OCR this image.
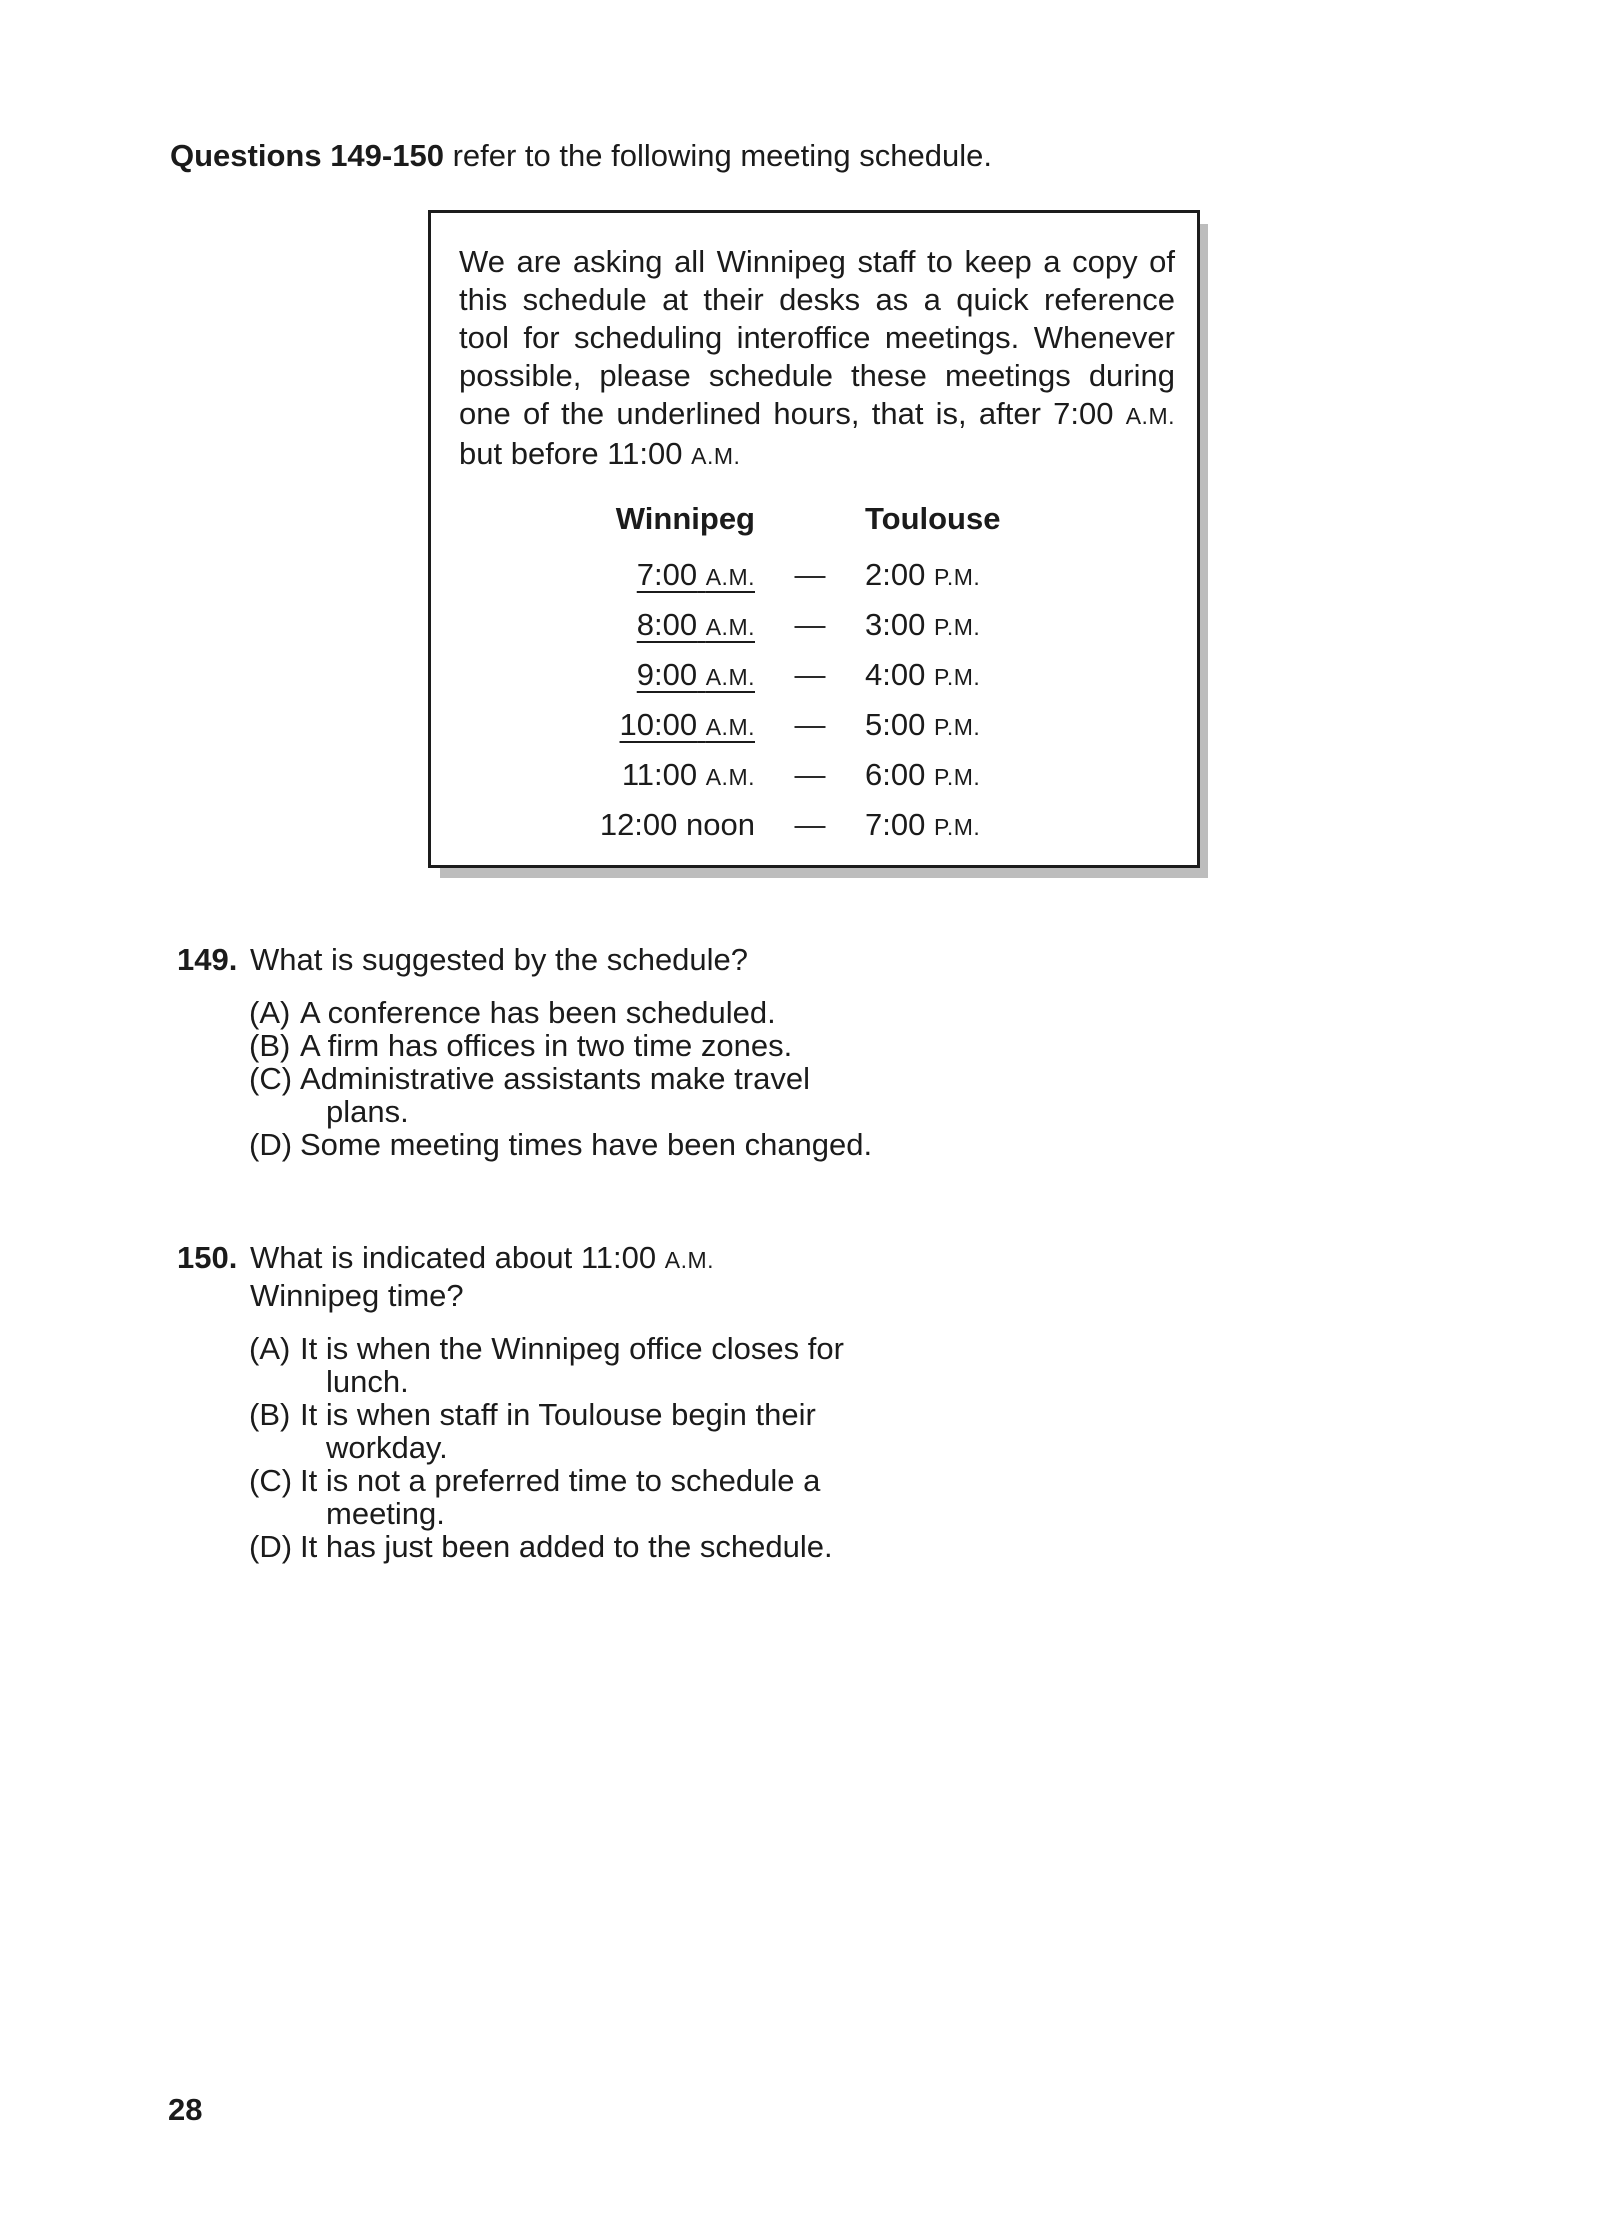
Questions 149-150 refer to the following meeting schedule.
We are asking all Winnipeg staff to keep a copy of this schedule at their desks as a quick reference tool for scheduling interoffice meetings. Whenever possible, please schedule these meetings during one of the underlined hours, that is, after 7:00 A.M. but before 11:00 A.M.
Winnipeg	Toulouse
7:00 A.M.	—	2:00 P.M.
8:00 A.M.	—	3:00 P.M.
9:00 A.M.	—	4:00 P.M.
10:00 A.M.	—	5:00 P.M.
11:00 A.M.	—	6:00 P.M.
12:00 noon	—	7:00 P.M.
149. What is suggested by the schedule?
(A) A conference has been scheduled.
(B) A firm has offices in two time zones.
(C) Administrative assistants make travel plans.
(D) Some meeting times have been changed.
150. What is indicated about 11:00 A.M. Winnipeg time?
(A) It is when the Winnipeg office closes for lunch.
(B) It is when staff in Toulouse begin their workday.
(C) It is not a preferred time to schedule a meeting.
(D) It has just been added to the schedule.
28
